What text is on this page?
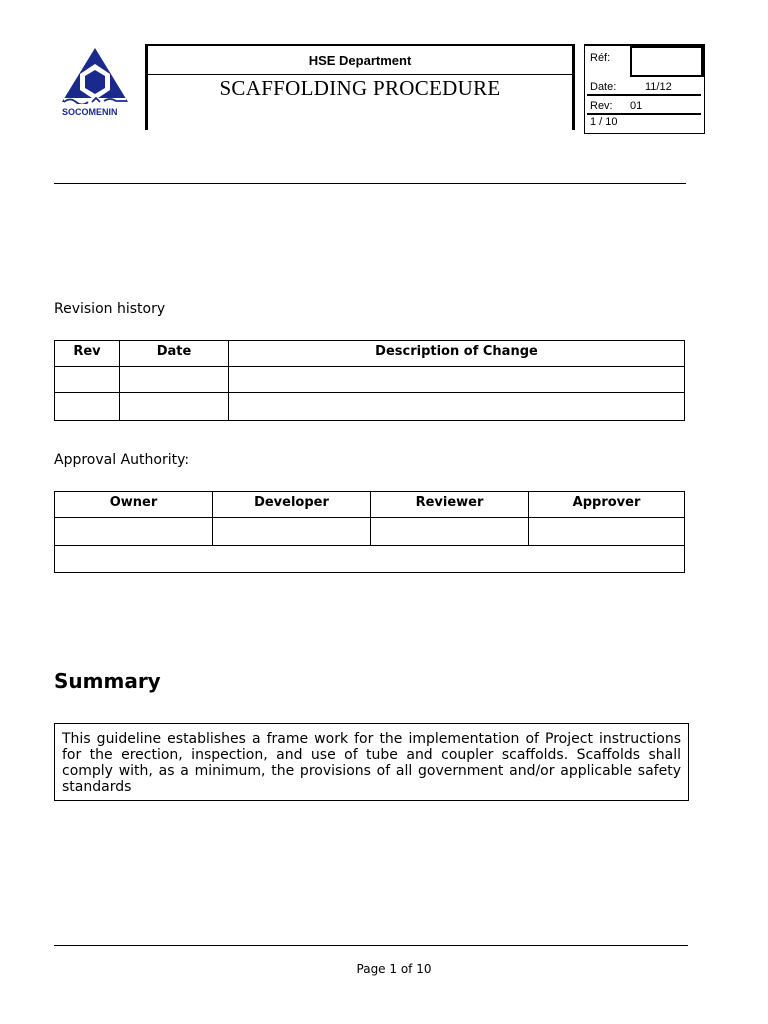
SOCOMENIN
HSE Department
SCAFFOLDING PROCEDURE
Réf:
Date:	11/12
Rev: 01
1 / 10
Revision history
Rev	Date	Description of Change

Approval Authority:
Owner	Developer	Reviewer	Approver

Summary
This guideline establishes a frame work for the implementation of Project instructions for the erection, inspection, and use of tube and coupler scaffolds. Scaffolds shall comply with, as a minimum, the provisions of all government and/or applicable safety standards
Page 1 of 10
